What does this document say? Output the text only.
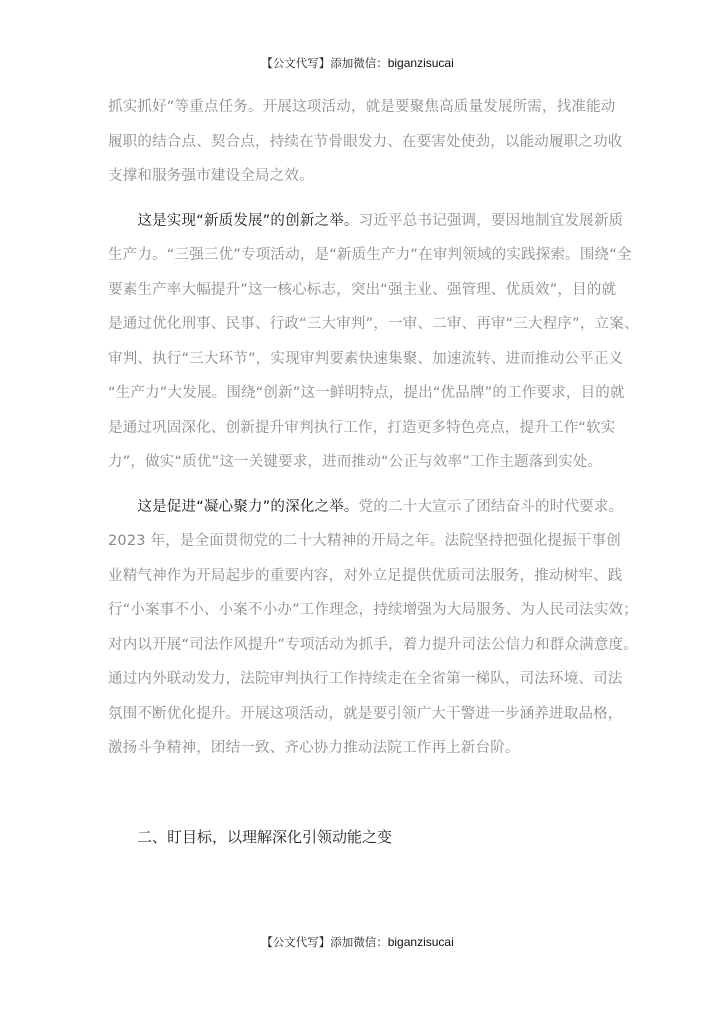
【公文代写】添加微信：biganzisucai

抓实抓好”等重点任务。开展这项活动，就是要聚焦高质量发展所需，找准能动
履职的结合点、契合点，持续在节骨眼发力、在要害处使劲，以能动履职之功收
支撑和服务强市建设全局之效。

　　这是实现“新质发展”的创新之举。习近平总书记强调，要因地制宜发展新质
生产力。“三强三优”专项活动，是“新质生产力”在审判领域的实践探索。围绕“全
要素生产率大幅提升”这一核心标志，突出“强主业、强管理、优质效”，目的就
是通过优化刑事、民事、行政“三大审判”，一审、二审、再审“三大程序”，立案、
审判、执行“三大环节”，实现审判要素快速集聚、加速流转、进而推动公平正义
“生产力”大发展。围绕“创新”这一鲜明特点，提出“优品牌”的工作要求，目的就
是通过巩固深化、创新提升审判执行工作，打造更多特色亮点，提升工作“软实
力”，做实“质优”这一关键要求，进而推动“公正与效率”工作主题落到实处。

　　这是促进“凝心聚力”的深化之举。党的二十大宣示了团结奋斗的时代要求。
2023 年，是全面贯彻党的二十大精神的开局之年。法院坚持把强化提振干事创
业精气神作为开局起步的重要内容，对外立足提供优质司法服务，推动树牢、践
行“小案事不小、小案不小办”工作理念，持续增强为大局服务、为人民司法实效；
对内以开展“司法作风提升”专项活动为抓手，着力提升司法公信力和群众满意度。
通过内外联动发力，法院审判执行工作持续走在全省第一梯队，司法环境、司法
氛围不断优化提升。开展这项活动，就是要引领广大干警进一步涵养进取品格，
激扬斗争精神，团结一致、齐心协力推动法院工作再上新台阶。

二、盯目标，以理解深化引领动能之变
【公文代写】添加微信：biganzisucai
